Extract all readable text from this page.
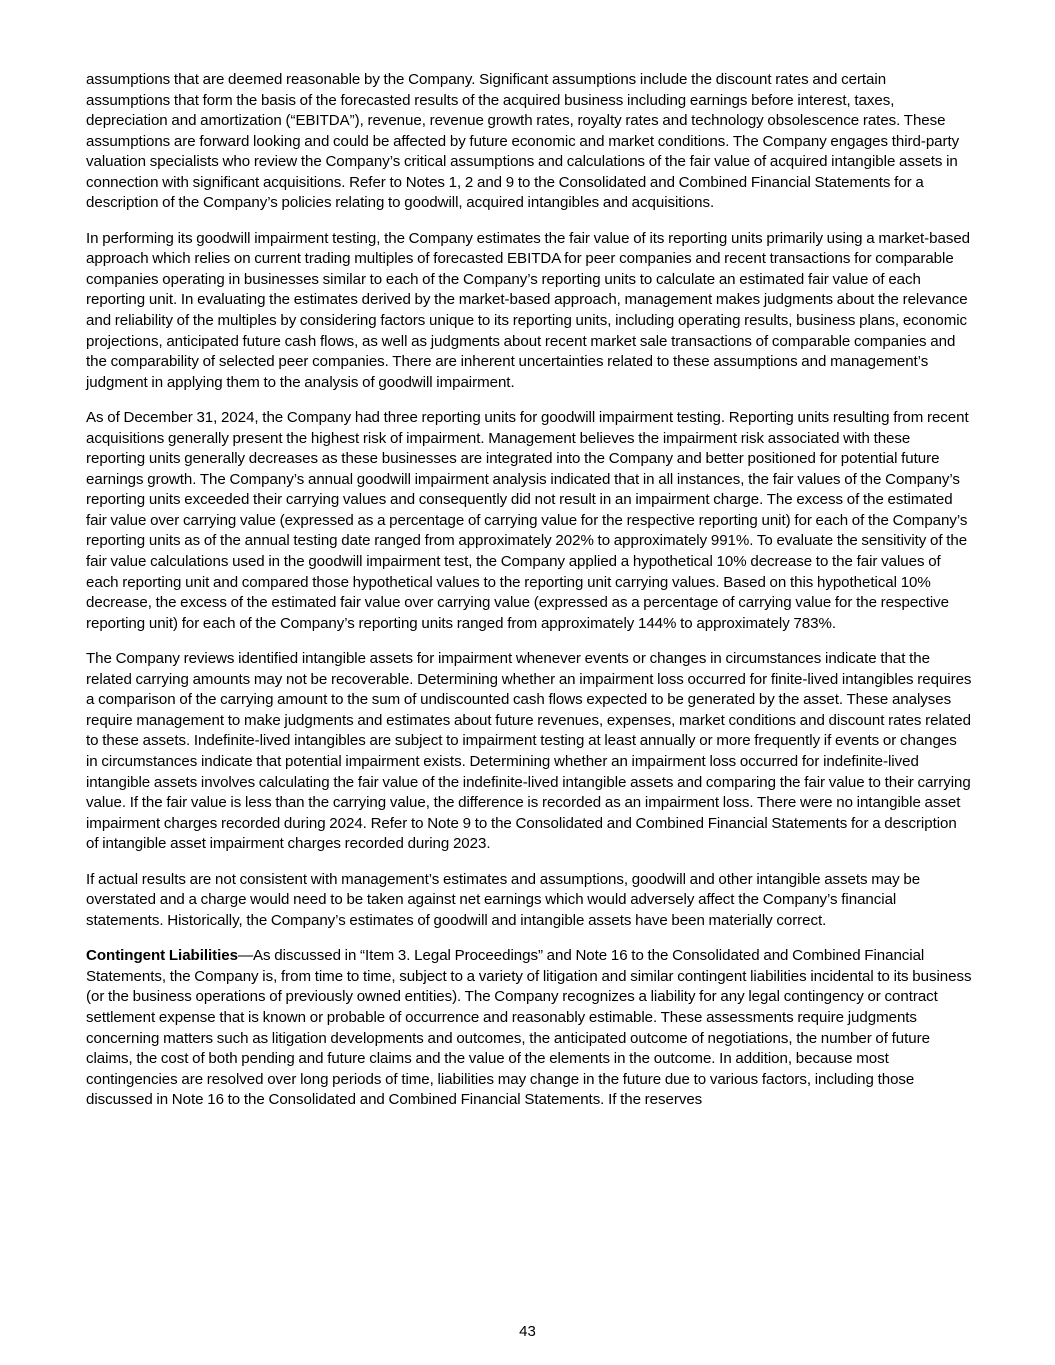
assumptions that are deemed reasonable by the Company. Significant assumptions include the discount rates and certain assumptions that form the basis of the forecasted results of the acquired business including earnings before interest, taxes, depreciation and amortization (“EBITDA”), revenue, revenue growth rates, royalty rates and technology obsolescence rates. These assumptions are forward looking and could be affected by future economic and market conditions. The Company engages third-party valuation specialists who review the Company’s critical assumptions and calculations of the fair value of acquired intangible assets in connection with significant acquisitions. Refer to Notes 1, 2 and 9 to the Consolidated and Combined Financial Statements for a description of the Company’s policies relating to goodwill, acquired intangibles and acquisitions.

In performing its goodwill impairment testing, the Company estimates the fair value of its reporting units primarily using a market-based approach which relies on current trading multiples of forecasted EBITDA for peer companies and recent transactions for comparable companies operating in businesses similar to each of the Company’s reporting units to calculate an estimated fair value of each reporting unit. In evaluating the estimates derived by the market-based approach, management makes judgments about the relevance and reliability of the multiples by considering factors unique to its reporting units, including operating results, business plans, economic projections, anticipated future cash flows, as well as judgments about recent market sale transactions of comparable companies and the comparability of selected peer companies. There are inherent uncertainties related to these assumptions and management’s judgment in applying them to the analysis of goodwill impairment.

As of December 31, 2024, the Company had three reporting units for goodwill impairment testing. Reporting units resulting from recent acquisitions generally present the highest risk of impairment. Management believes the impairment risk associated with these reporting units generally decreases as these businesses are integrated into the Company and better positioned for potential future earnings growth. The Company’s annual goodwill impairment analysis indicated that in all instances, the fair values of the Company’s reporting units exceeded their carrying values and consequently did not result in an impairment charge. The excess of the estimated fair value over carrying value (expressed as a percentage of carrying value for the respective reporting unit) for each of the Company’s reporting units as of the annual testing date ranged from approximately 202% to approximately 991%. To evaluate the sensitivity of the fair value calculations used in the goodwill impairment test, the Company applied a hypothetical 10% decrease to the fair values of each reporting unit and compared those hypothetical values to the reporting unit carrying values. Based on this hypothetical 10% decrease, the excess of the estimated fair value over carrying value (expressed as a percentage of carrying value for the respective reporting unit) for each of the Company’s reporting units ranged from approximately 144% to approximately 783%.

The Company reviews identified intangible assets for impairment whenever events or changes in circumstances indicate that the related carrying amounts may not be recoverable. Determining whether an impairment loss occurred for finite-lived intangibles requires a comparison of the carrying amount to the sum of undiscounted cash flows expected to be generated by the asset. These analyses require management to make judgments and estimates about future revenues, expenses, market conditions and discount rates related to these assets. Indefinite-lived intangibles are subject to impairment testing at least annually or more frequently if events or changes in circumstances indicate that potential impairment exists. Determining whether an impairment loss occurred for indefinite-lived intangible assets involves calculating the fair value of the indefinite-lived intangible assets and comparing the fair value to their carrying value. If the fair value is less than the carrying value, the difference is recorded as an impairment loss. There were no intangible asset impairment charges recorded during 2024. Refer to Note 9 to the Consolidated and Combined Financial Statements for a description of intangible asset impairment charges recorded during 2023.

If actual results are not consistent with management’s estimates and assumptions, goodwill and other intangible assets may be overstated and a charge would need to be taken against net earnings which would adversely affect the Company’s financial statements. Historically, the Company’s estimates of goodwill and intangible assets have been materially correct.

Contingent Liabilities—As discussed in “Item 3. Legal Proceedings” and Note 16 to the Consolidated and Combined Financial Statements, the Company is, from time to time, subject to a variety of litigation and similar contingent liabilities incidental to its business (or the business operations of previously owned entities). The Company recognizes a liability for any legal contingency or contract settlement expense that is known or probable of occurrence and reasonably estimable. These assessments require judgments concerning matters such as litigation developments and outcomes, the anticipated outcome of negotiations, the number of future claims, the cost of both pending and future claims and the value of the elements in the outcome. In addition, because most contingencies are resolved over long periods of time, liabilities may change in the future due to various factors, including those discussed in Note 16 to the Consolidated and Combined Financial Statements. If the reserves

43
